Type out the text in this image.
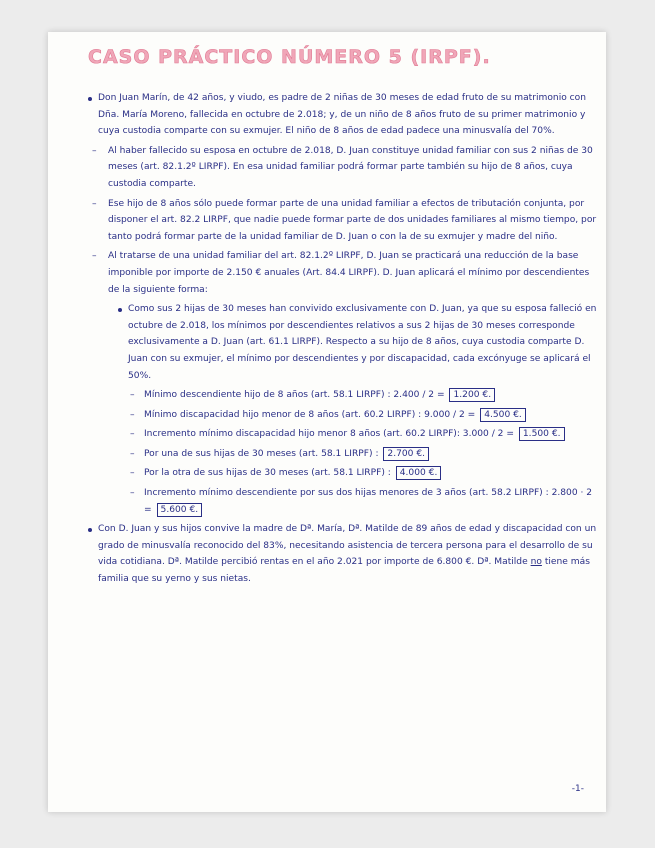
CASO PRÁCTICO NÚMERO 5 (IRPF).
Don Juan Marín, de 42 años, y viudo, es padre de 2 niñas de 30 meses de edad fruto de su matrimonio con Dña. María Moreno, fallecida en octubre de 2.018; y, de un niño de 8 años fruto de su primer matrimonio y cuya custodia comparte con su exmujer. El niño de 8 años de edad padece una minusvalía del 70%.
– Al haber fallecido su esposa en octubre de 2.018, D. Juan constituye unidad familiar con sus 2 niñas de 30 meses (art. 82.1.2º LIRPF). En esa unidad familiar podrá formar parte también su hijo de 8 años, cuya custodia comparte.
– Ese hijo de 8 años sólo puede formar parte de una unidad familiar a efectos de tributación conjunta, por disponer el art. 82.2 LIRPF, que nadie puede formar parte de dos unidades familiares al mismo tiempo, por tanto podrá formar parte de la unidad familiar de D. Juan o con la de su exmujer y madre del niño.
– Al tratarse de una unidad familiar del art. 82.1.2º LIRPF, D. Juan se practicará una reducción de la base imponible por importe de 2.150 € anuales (Art. 84.4 LIRPF). D. Juan aplicará el mínimo por descendientes de la siguiente forma:
Como sus 2 hijas de 30 meses han convivido exclusivamente con D. Juan, ya que su esposa falleció en octubre de 2.018, los mínimos por descendientes relativos a sus 2 hijas de 30 meses corresponde exclusivamente a D. Juan (art. 61.1 LIRPF). Respecto a su hijo de 8 años, cuya custodia comparte D. Juan con su exmujer, el mínimo por descendientes y por discapacidad, cada excónyuge se aplicará el 50%.
– Mínimo descendiente hijo de 8 años (art. 58.1 LIRPF) : 2.400 / 2 = 1.200 €.
– Mínimo discapacidad hijo menor de 8 años (art. 60.2 LIRPF) : 9.000 / 2 = 4.500 €.
– Incremento mínimo discapacidad hijo menor 8 años (art. 60.2 LIRPF): 3.000 / 2 = 1.500 €.
– Por una de sus hijas de 30 meses (art. 58.1 LIRPF) : 2.700 €.
– Por la otra de sus hijas de 30 meses (art. 58.1 LIRPF) : 4.000 €.
– Incremento mínimo descendiente por sus dos hijas menores de 3 años (art. 58.2 LIRPF) : 2.800 · 2 = 5.600 €.
Con D. Juan y sus hijos convive la madre de Dª. María, Dª. Matilde de 89 años de edad y discapacidad con un grado de minusvalía reconocido del 83%, necesitando asistencia de tercera persona para el desarrollo de su vida cotidiana. Dª. Matilde percibió rentas en el año 2.021 por importe de 6.800 €. Dª. Matilde no tiene más familia que su yerno y sus nietas.
-1-
